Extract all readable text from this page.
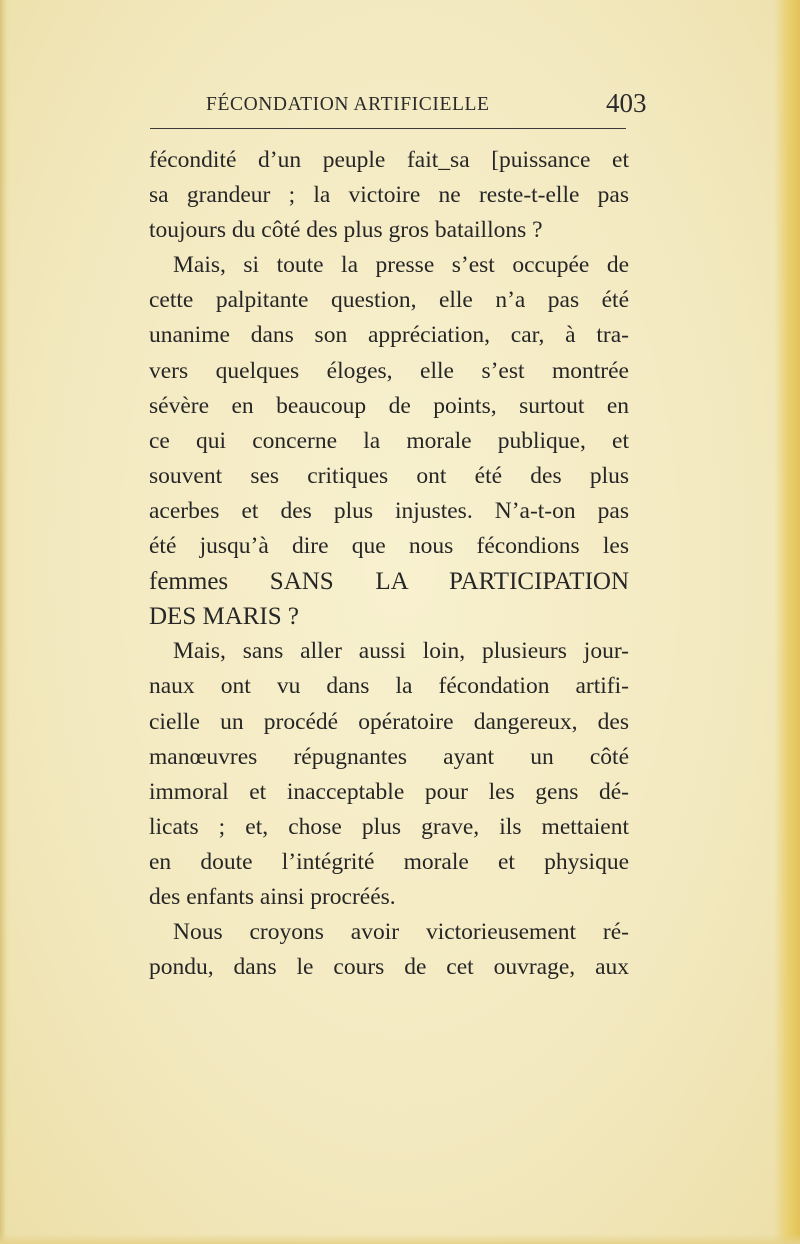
FÉCONDATION ARTIFICIELLE	403
fécondité d’un peuple fait_sa [puissance et
sa grandeur ; la victoire ne reste-t-elle pas
toujours du côté des plus gros bataillons ?
Mais, si toute la presse s’est occupée de
cette palpitante question, elle n’a pas été
unanime dans son appréciation, car, à tra-
vers quelques éloges, elle s’est montrée
sévère en beaucoup de points, surtout en
ce qui concerne la morale publique, et
souvent ses critiques ont été des plus
acerbes et des plus injustes. N’a-t-on pas
été jusqu’à dire que nous fécondions les
femmes SANS LA PARTICIPATION
DES MARIS ?
Mais, sans aller aussi loin, plusieurs jour-
naux ont vu dans la fécondation artifi-
cielle un procédé opératoire dangereux, des
manœuvres répugnantes ayant un côté
immoral et inacceptable pour les gens dé-
licats ; et, chose plus grave, ils mettaient
en doute l’intégrité morale et physique
des enfants ainsi procréés.
Nous croyons avoir victorieusement ré-
pondu, dans le cours de cet ouvrage, aux
